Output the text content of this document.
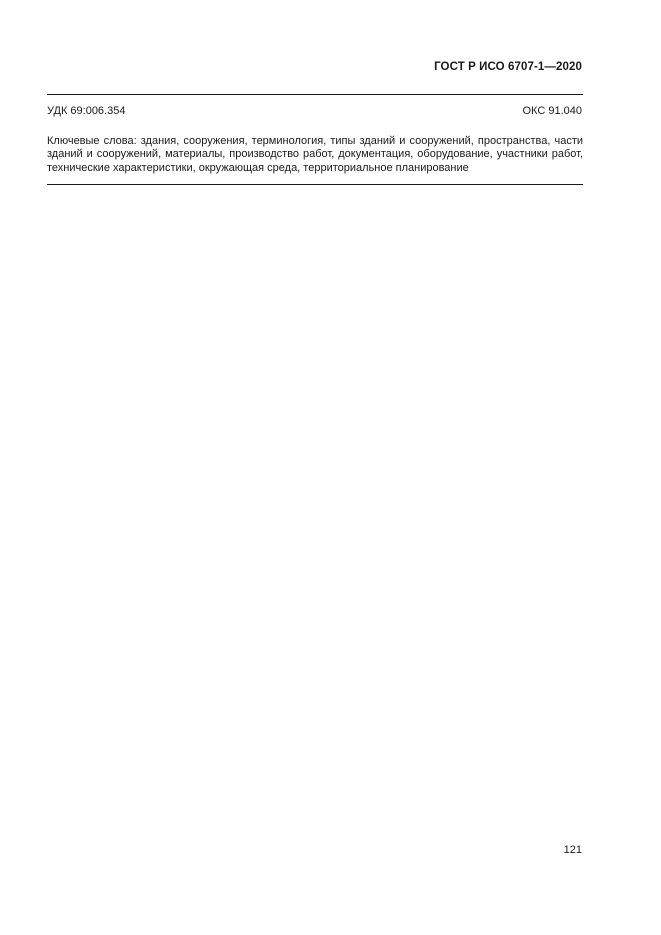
ГОСТ Р ИСО 6707-1—2020
УДК 69:006.354	ОКС 91.040
Ключевые слова: здания, сооружения, терминология, типы зданий и сооружений, пространства, части зданий и сооружений, материалы, производство работ, документация, оборудование, участники работ, технические характеристики, окружающая среда, территориальное планирование
121
